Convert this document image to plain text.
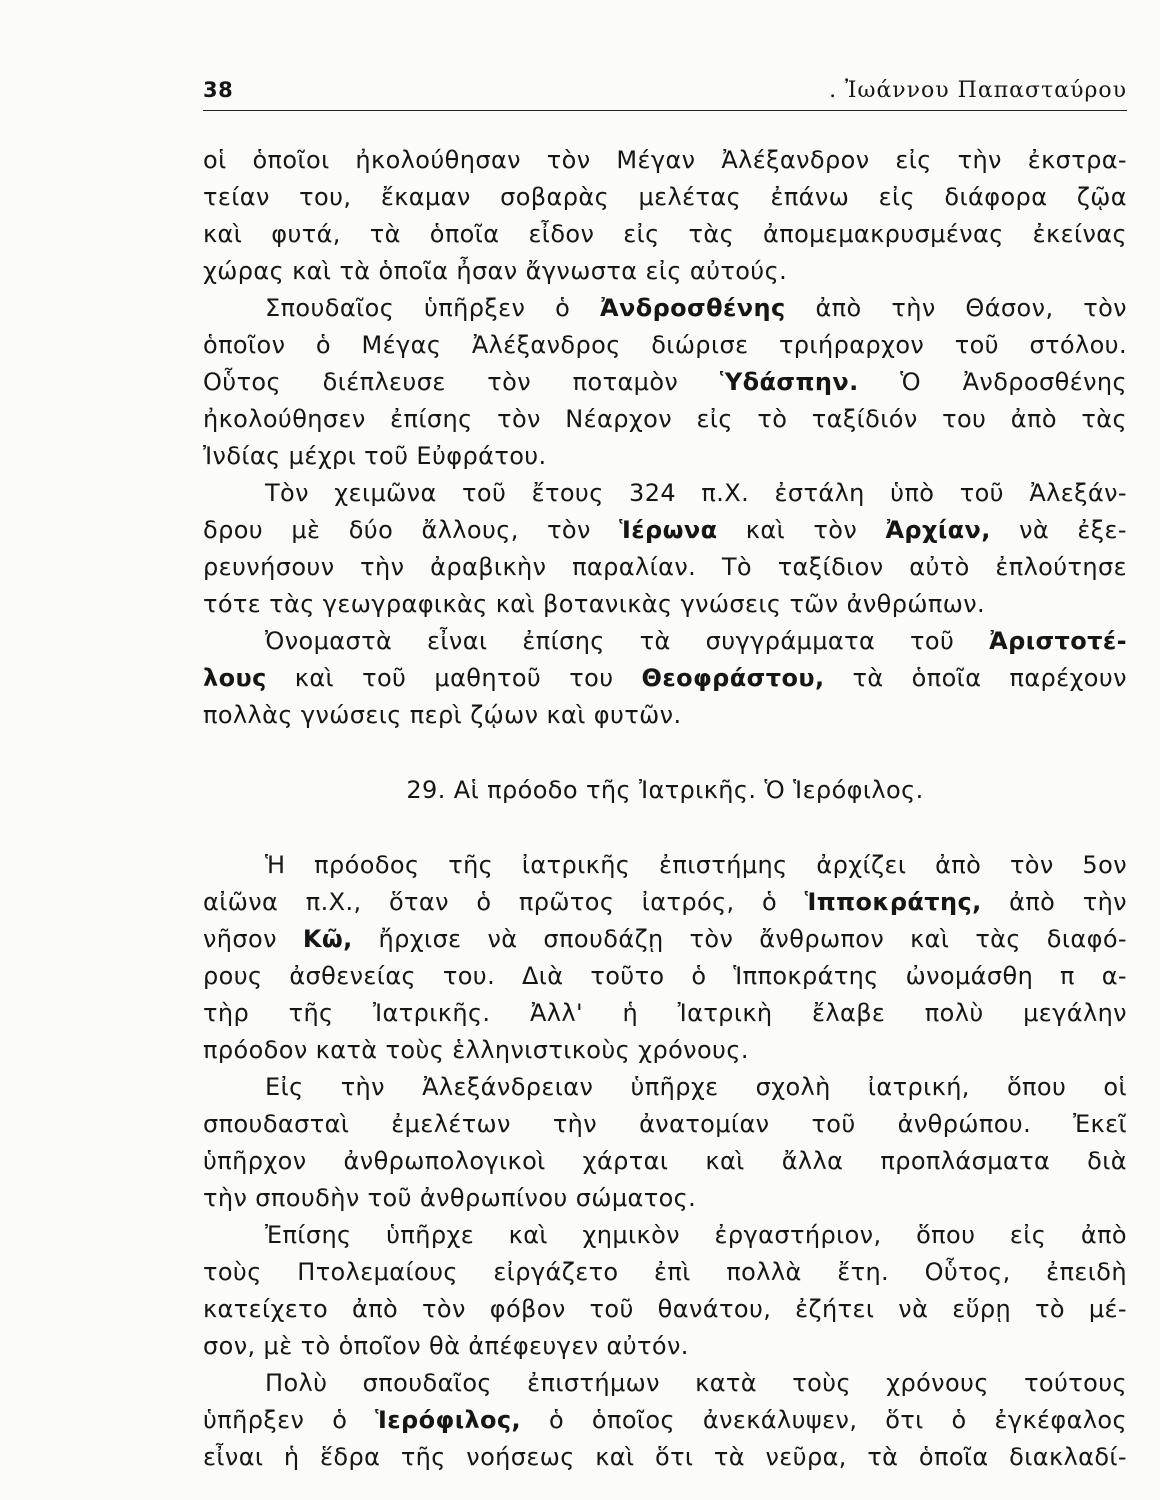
38	. Ἰωάννου Παπασταύρου
οἱ ὁποῖοι ἠκολούθησαν τὸν Μέγαν Ἀλέξανδρον εἰς τὴν ἐκστρα-
τείαν του, ἔκαμαν σοβαρὰς μελέτας ἐπάνω εἰς διάφορα ζῷα
καὶ φυτά, τὰ ὁποῖα εἶδον εἰς τὰς ἀπομεμακρυσμένας ἐκείνας
χώρας καὶ τὰ ὁποῖα ἦσαν ἄγνωστα εἰς αὐτούς.
Σπουδαῖος ὑπῆρξεν ὁ Ἀνδροσθένης ἀπὸ τὴν Θάσον, τὸν
ὁποῖον ὁ Μέγας Ἀλέξανδρος διώρισε τριήραρχον τοῦ στόλου.
Οὗτος διέπλευσε τὸν ποταμὸν Ὑδάσπην. Ὁ Ἀνδροσθένης
ἠκολούθησεν ἐπίσης τὸν Νέαρχον εἰς τὸ ταξίδιόν του ἀπὸ τὰς
Ἰνδίας μέχρι τοῦ Εὐφράτου.
Τὸν χειμῶνα τοῦ ἔτους 324 π.Χ. ἐστάλη ὑπὸ τοῦ Ἀλεξάν-
δρου μὲ δύο ἄλλους, τὸν Ἱέρωνα καὶ τὸν Ἀρχίαν, νὰ ἐξε-
ρευνήσουν τὴν ἀραβικὴν παραλίαν. Τὸ ταξίδιον αὐτὸ ἐπλούτησε
τότε τὰς γεωγραφικὰς καὶ βοτανικὰς γνώσεις τῶν ἀνθρώπων.
Ὀνομαστὰ εἶναι ἐπίσης τὰ συγγράμματα τοῦ Ἀριστοτέ-
λους καὶ τοῦ μαθητοῦ του Θεοφράστου, τὰ ὁποῖα παρέχουν
πολλὰς γνώσεις περὶ ζῴων καὶ φυτῶν.
29. Αἱ πρόοδο τῆς Ἰατρικῆς. Ὁ Ἱερόφιλος.
Ἡ πρόοδος τῆς ἰατρικῆς ἐπιστήμης ἀρχίζει ἀπὸ τὸν 5ον
αἰῶνα π.Χ., ὅταν ὁ πρῶτος ἰατρός, ὁ Ἱπποκράτης, ἀπὸ τὴν
νῆσον Κῶ, ἤρχισε νὰ σπουδάζῃ τὸν ἄνθρωπον καὶ τὰς διαφό-
ρους ἀσθενείας του. Διὰ τοῦτο ὁ Ἱπποκράτης ὠνομάσθη π α-
τὴρ τῆς Ἰατρικῆς. Ἀλλ' ἡ Ἰατρικὴ ἔλαβε πολὺ μεγάλην
πρόοδον κατὰ τοὺς ἑλληνιστικοὺς χρόνους.
Εἰς τὴν Ἀλεξάνδρειαν ὑπῆρχε σχολὴ ἰατρική, ὅπου οἱ
σπουδασταὶ ἐμελέτων τὴν ἀνατομίαν τοῦ ἀνθρώπου. Ἐκεῖ
ὑπῆρχον ἀνθρωπολογικοὶ χάρται καὶ ἄλλα προπλάσματα διὰ
τὴν σπουδὴν τοῦ ἀνθρωπίνου σώματος.
Ἐπίσης ὑπῆρχε καὶ χημικὸν ἐργαστήριον, ὅπου εἰς ἀπὸ
τοὺς Πτολεμαίους εἰργάζετο ἐπὶ πολλὰ ἔτη. Οὗτος, ἐπειδὴ
κατείχετο ἀπὸ τὸν φόβον τοῦ θανάτου, ἐζήτει νὰ εὕρῃ τὸ μέ-
σον, μὲ τὸ ὁποῖον θὰ ἀπέφευγεν αὐτόν.
Πολὺ σπουδαῖος ἐπιστήμων κατὰ τοὺς χρόνους τούτους
ὑπῆρξεν ὁ Ἱερόφιλος, ὁ ὁποῖος ἀνεκάλυψεν, ὅτι ὁ ἐγκέφαλος
εἶναι ἡ ἕδρα τῆς νοήσεως καὶ ὅτι τὰ νεῦρα, τὰ ὁποῖα διακλαδί-
